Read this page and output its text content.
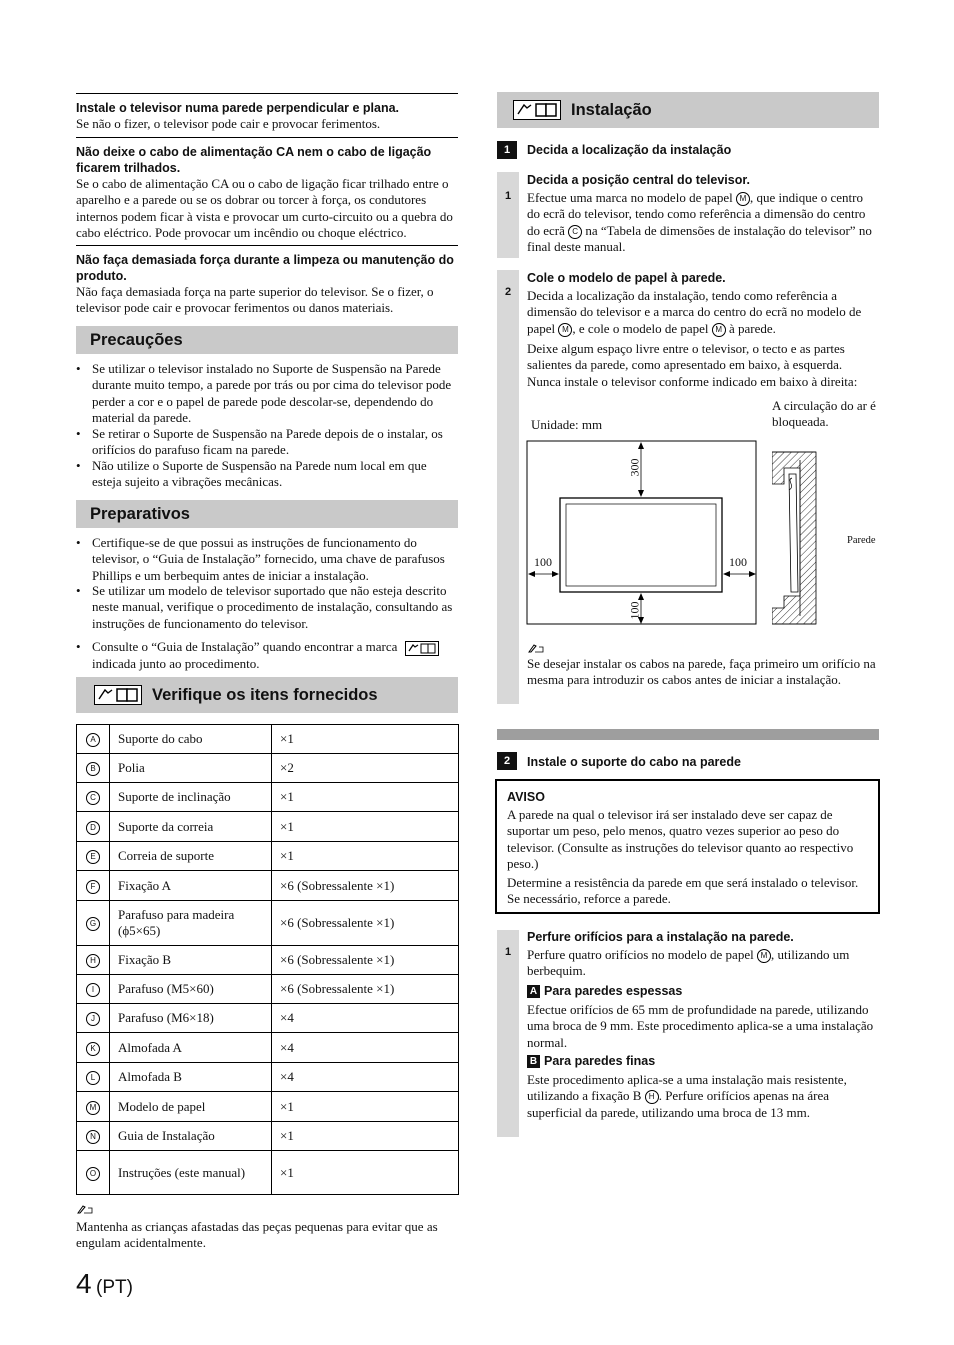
Instale o televisor numa parede perpendicular e plana.
Se não o fizer, o televisor pode cair e provocar ferimentos.
Não deixe o cabo de alimentação CA nem o cabo de ligação ficarem trilhados.
Se o cabo de alimentação CA ou o cabo de ligação ficar trilhado entre o aparelho e a parede ou se os dobrar ou torcer à força, os condutores internos podem ficar à vista e provocar um curto-circuito ou a quebra do cabo eléctrico. Pode provocar um incêndio ou choque eléctrico.
Não faça demasiada força durante a limpeza ou manutenção do produto.
Não faça demasiada força na parte superior do televisor. Se o fizer, o televisor pode cair e provocar ferimentos ou danos materiais.
Precauções
• Se utilizar o televisor instalado no Suporte de Suspensão na Parede durante muito tempo, a parede por trás ou por cima do televisor pode perder a cor e o papel de parede pode descolar-se, dependendo do material da parede.
• Se retirar o Suporte de Suspensão na Parede depois de o instalar, os orifícios do parafuso ficam na parede.
• Não utilize o Suporte de Suspensão na Parede num local em que esteja sujeito a vibrações mecânicas.
Preparativos
• Certifique-se de que possui as instruções de funcionamento do televisor, o “Guia de Instalação” fornecido, uma chave de parafusos Phillips e um berbequim antes de iniciar a instalação.
• Se utilizar um modelo de televisor suportado que não esteja descrito neste manual, verifique o procedimento de instalação, consultando as instruções de funcionamento do televisor.
• Consulte o “Guia de Instalação” quando encontrar a marca
indicada junto ao procedimento.
Verifique os itens fornecidos
A	Suporte do cabo	×1
B	Polia	×2
C	Suporte de inclinação	×1
D	Suporte da correia	×1
E	Correia de suporte	×1
F	Fixação A	×6 (Sobressalente ×1)
G	Parafuso para madeira (ϕ5×65)	×6 (Sobressalente ×1)
H	Fixação B	×6 (Sobressalente ×1)
I	Parafuso (M5×60)	×6 (Sobressalente ×1)
J	Parafuso (M6×18)	×4
K	Almofada A	×4
L	Almofada B	×4
M	Modelo de papel	×1
N	Guia de Instalação	×1
O	Instruções (este manual)	×1
Mantenha as crianças afastadas das peças pequenas para evitar que as engulam acidentalmente.
4 (PT)
Instalação
1	Decida a localização da instalação
1
Decida a posição central do televisor.
Efectue uma marca no modelo de papel M , que indique o centro do ecrã do televisor, tendo como referência a dimensão do centro do ecrã C na “Tabela de dimensões de instalação do televisor” no final deste manual.
2
Cole o modelo de papel à parede.
Decida a localização da instalação, tendo como referência a dimensão do televisor e a marca do centro do ecrã no modelo de papel M , e cole o modelo de papel M à parede.
Deixe algum espaço livre entre o televisor, o tecto e as partes salientes da parede, como apresentado em baixo, à esquerda. Nunca instale o televisor conforme indicado em baixo à direita:
Unidade: mm
A circulação do ar é bloqueada.
300
100	100
100
Parede
Se desejar instalar os cabos na parede, faça primeiro um orifício na mesma para introduzir os cabos antes de iniciar a instalação.
2	Instale o suporte do cabo na parede
AVISO
A parede na qual o televisor irá ser instalado deve ser capaz de suportar um peso, pelo menos, quatro vezes superior ao peso do televisor. (Consulte as instruções do televisor quanto ao respectivo peso.)
Determine a resistência da parede em que será instalado o televisor. Se necessário, reforce a parede.
1
Perfure orifícios para a instalação na parede.
Perfure quatro orifícios no modelo de papel M , utilizando um berbequim.
A Para paredes espessas
Efectue orifícios de 65 mm de profundidade na parede, utilizando uma broca de 9 mm. Este procedimento aplica-se a uma instalação normal.
B Para paredes finas
Este procedimento aplica-se a uma instalação mais resistente, utilizando a fixação B H . Perfure orifícios apenas na área superficial da parede, utilizando uma broca de 13 mm.
